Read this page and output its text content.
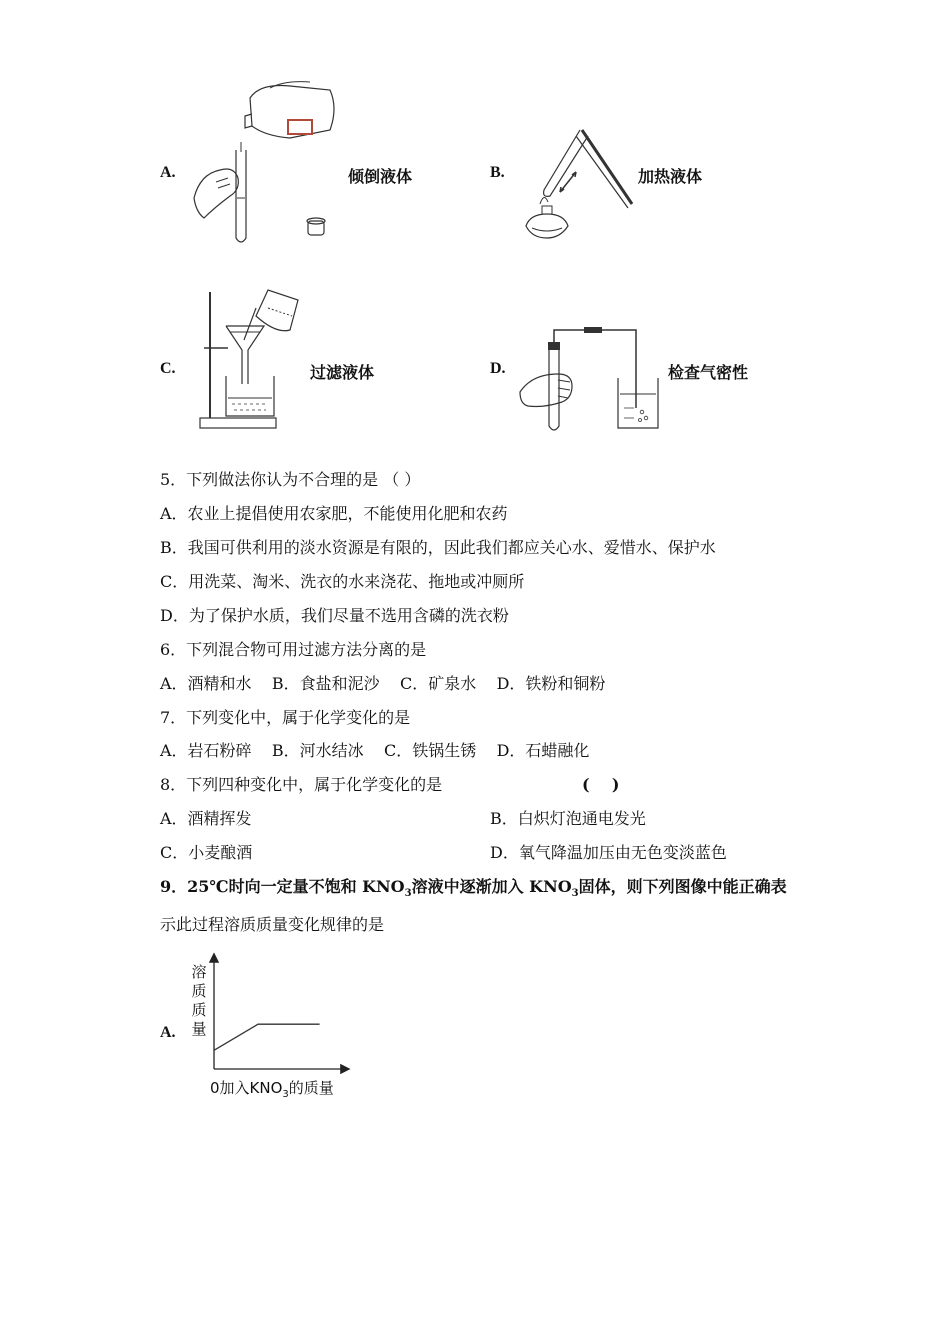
A.	倾倒液体	B.	加热液体
C.	过滤液体	D.	检查气密性
5．下列做法你认为不合理的是 （ ）
A．农业上提倡使用农家肥，不能使用化肥和农药
B．我国可供利用的淡水资源是有限的，因此我们都应关心水、爱惜水、保护水
C．用洗菜、淘米、洗衣的水来浇花、拖地或冲厕所
D．为了保护水质，我们尽量不选用含磷的洗衣粉
6．下列混合物可用过滤方法分离的是
A．酒精和水    B．食盐和泥沙    C．矿泉水    D．铁粉和铜粉
7．下列变化中，属于化学变化的是
A．岩石粉碎    B．河水结冰    C．铁锅生锈    D．石蜡融化
8．下列四种变化中，属于化学变化的是	(    )
A．酒精挥发	B．白炽灯泡通电发光
C．小麦酿酒	D．氧气降温加压由无色变淡蓝色
9．25℃时向一定量不饱和 $KNO_3$溶液中逐渐加入 $KNO_3$固体，则下列图像中能正确表
示此过程溶质质量变化规律的是
A.
溶
质
质
量
0加入$KNO_3$的质量
